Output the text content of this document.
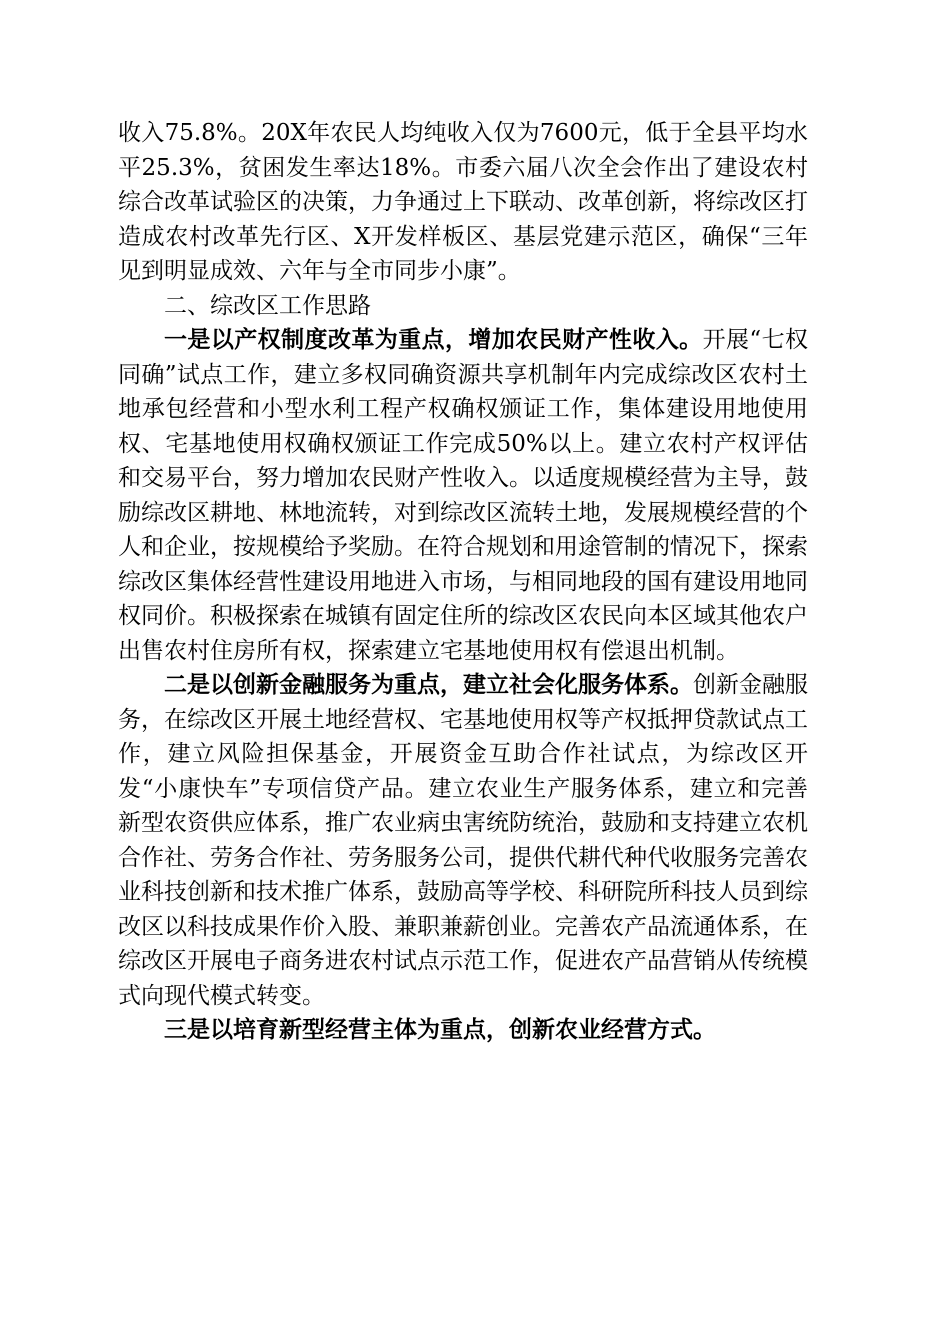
收入75.8%。20X年农民人均纯收入仅为7600元，低于全县平均水平25.3%，贫困发生率达18%。市委六届八次全会作出了建设农村综合改革试验区的决策，力争通过上下联动、改革创新，将综改区打造成农村改革先行区、X开发样板区、基层党建示范区，确保“三年见到明显成效、六年与全市同步小康”。

二、综改区工作思路

一是以产权制度改革为重点，增加农民财产性收入。开展“七权同确”试点工作，建立多权同确资源共享机制年内完成综改区农村土地承包经营和小型水利工程产权确权颁证工作，集体建设用地使用权、宅基地使用权确权颁证工作完成50%以上。建立农村产权评估和交易平台，努力增加农民财产性收入。以适度规模经营为主导，鼓励综改区耕地、林地流转，对到综改区流转土地，发展规模经营的个人和企业，按规模给予奖励。在符合规划和用途管制的情况下，探索综改区集体经营性建设用地进入市场，与相同地段的国有建设用地同权同价。积极探索在城镇有固定住所的综改区农民向本区域其他农户出售农村住房所有权，探索建立宅基地使用权有偿退出机制。

二是以创新金融服务为重点，建立社会化服务体系。创新金融服务，在综改区开展土地经营权、宅基地使用权等产权抵押贷款试点工作，建立风险担保基金，开展资金互助合作社试点，为综改区开发“小康快车”专项信贷产品。建立农业生产服务体系，建立和完善新型农资供应体系，推广农业病虫害统防统治，鼓励和支持建立农机合作社、劳务合作社、劳务服务公司，提供代耕代种代收服务完善农业科技创新和技术推广体系，鼓励高等学校、科研院所科技人员到综改区以科技成果作价入股、兼职兼薪创业。完善农产品流通体系，在综改区开展电子商务进农村试点示范工作，促进农产品营销从传统模式向现代模式转变。

三是以培育新型经营主体为重点，创新农业经营方式。
